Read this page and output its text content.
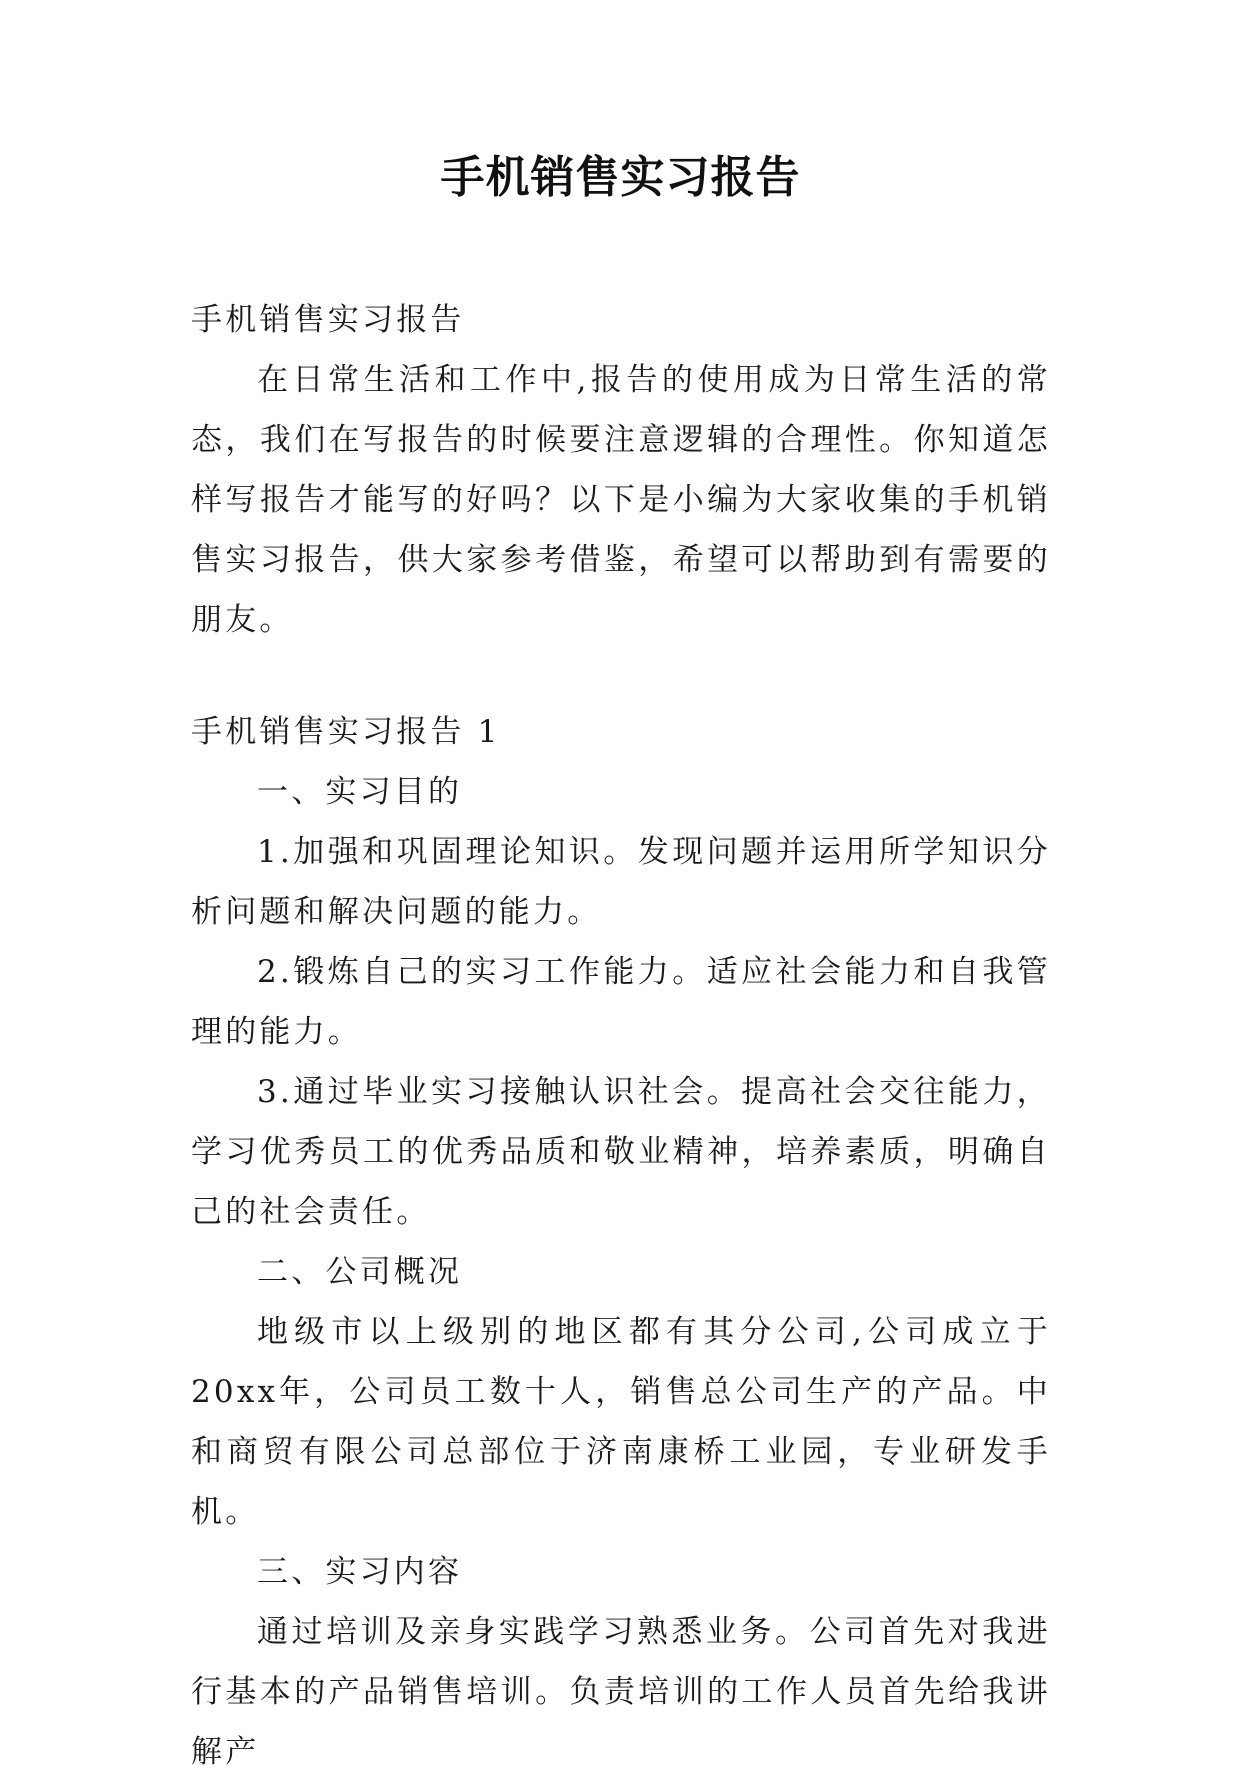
手机销售实习报告

手机销售实习报告

在日常生活和工作中,报告的使用成为日常生活的常态，我们在写报告的时候要注意逻辑的合理性。你知道怎样写报告才能写的好吗？以下是小编为大家收集的手机销售实习报告，供大家参考借鉴，希望可以帮助到有需要的朋友。

手机销售实习报告 1

一、实习目的

1.加强和巩固理论知识。发现问题并运用所学知识分析问题和解决问题的能力。

2.锻炼自己的实习工作能力。适应社会能力和自我管理的能力。

3.通过毕业实习接触认识社会。提高社会交往能力，学习优秀员工的优秀品质和敬业精神，培养素质，明确自己的社会责任。

二、公司概况

地级市以上级别的地区都有其分公司,公司成立于 20xx年，公司员工数十人，销售总公司生产的产品。中和商贸有限公司总部位于济南康桥工业园，专业研发手机。

三、实习内容

通过培训及亲身实践学习熟悉业务。公司首先对我进行基本的产品销售培训。负责培训的工作人员首先给我讲解产
